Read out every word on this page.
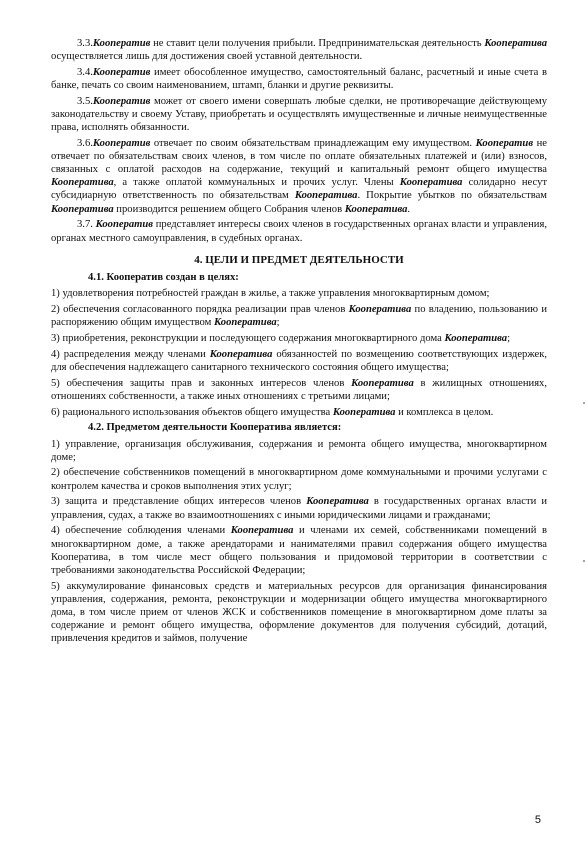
3.3.Кооператив не ставит цели получения прибыли. Предпринимательская деятельность Кооператива осуществляется лишь для достижения своей уставной деятельности.

3.4.Кооператив имеет обособленное имущество, самостоятельный баланс, расчетный и иные счета в банке, печать со своим наименованием, штамп, бланки и другие реквизиты.

3.5.Кооператив может от своего имени совершать любые сделки, не противоречащие действующему законодательству и своему Уставу, приобретать и осуществлять имущественные и личные неимущественные права, исполнять обязанности.

3.6.Кооператив отвечает по своим обязательствам принадлежащим ему имуществом. Кооператив не отвечает по обязательствам своих членов, в том числе по оплате обязательных платежей и (или) взносов, связанных с оплатой расходов на содержание, текущий и капитальный ремонт общего имущества Кооператива, а также оплатой коммунальных и прочих услуг. Члены Кооператива солидарно несут субсидиарную ответственность по обязательствам Кооператива. Покрытие убытков по обязательствам Кооператива производится решением общего Собрания членов Кооператива.

3.7. Кооператив представляет интересы своих членов в государственных органах власти и управления, органах местного самоуправления, в судебных органах.

4. ЦЕЛИ И ПРЕДМЕТ ДЕЯТЕЛЬНОСТИ

4.1. Кооператив создан в целях:

1) удовлетворения потребностей граждан в жилье, а также управления многоквартирным домом;

2) обеспечения согласованного порядка реализации прав членов Кооператива по владению, пользованию и распоряжению общим имуществом Кооператива;

3) приобретения, реконструкции и последующего содержания многоквартирного дома Кооператива;

4) распределения между членами Кооператива обязанностей по возмещению соответствующих издержек, для обеспечения надлежащего санитарного технического состояния общего имущества;

5) обеспечения защиты прав и законных интересов членов Кооператива в жилищных отношениях, отношениях собственности, а также иных отношениях с третьими лицами;

6) рационального использования объектов общего имущества Кооператива и комплекса в целом.

4.2. Предметом деятельности Кооператива является:

1) управление, организация обслуживания, содержания и ремонта общего имущества, многоквартирном доме;

2) обеспечение собственников помещений в многоквартирном доме коммунальными и прочими услугами с контролем качества и сроков выполнения этих услуг;

3) защита и представление общих интересов членов Кооператива в государственных органах власти и управления, судах, а также во взаимоотношениях с иными юридическими лицами и гражданами;

4) обеспечение соблюдения членами Кооператива и членами их семей, собственниками помещений в многоквартирном доме, а также арендаторами и нанимателями правил содержания общего имущества Кооператива, в том числе мест общего пользования и придомовой территории в соответствии с требованиями законодательства Российской Федерации;

5) аккумулирование финансовых средств и материальных ресурсов для организация финансирования управления, содержания, ремонта, реконструкции и модернизации общего имущества многоквартирного дома, в том числе прием от членов ЖСК и собственников помещение в многоквартирном доме платы за содержание и ремонт общего имущества, оформление документов для получения субсидий, дотаций, привлечения кредитов и займов, получение

5
